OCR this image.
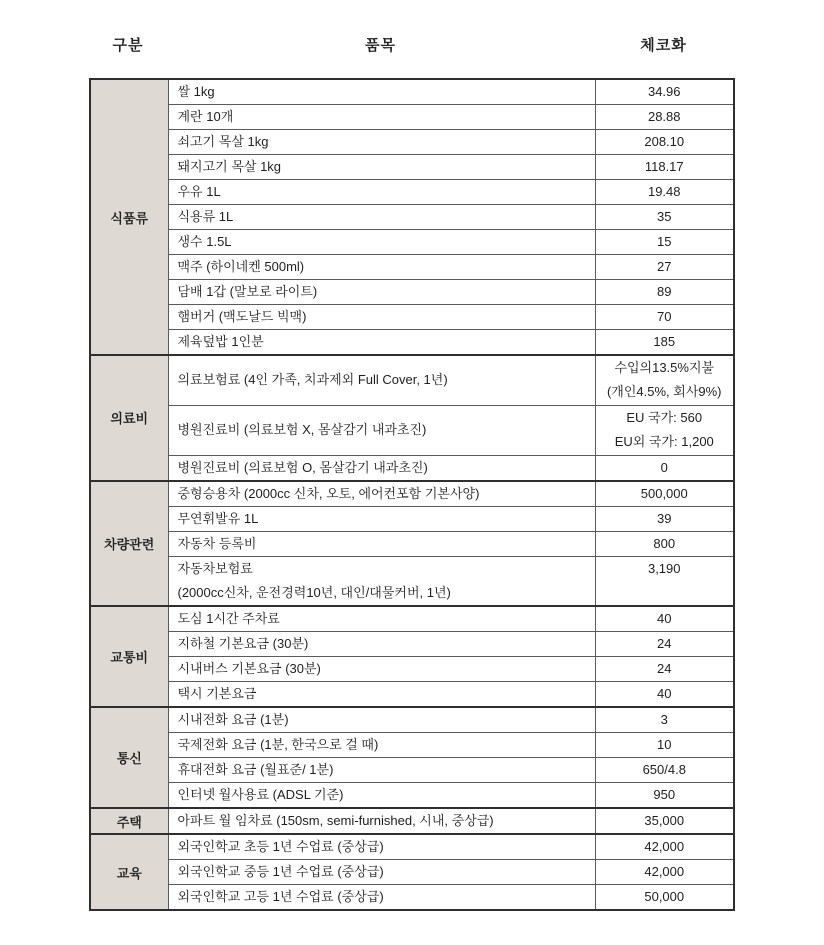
구분	품목	체코화
식품류	쌀 1kg	34.96

	계란 10개	28.88

	쇠고기 목살 1kg	208.10

	돼지고기 목살 1kg	118.17

	우유 1L	19.48

	식용류 1L	35

	생수 1.5L	15

	맥주 (하이네켄 500ml)	27

	담배 1갑 (말보로 라이트)	89

	햄버거 (맥도날드 빅맥)	70

	제육덮밥 1인분	185

의료비	의료보험료 (4인 가족, 치과제외 Full Cover, 1년)	수입의13.5%지불
(개인4.5%, 회사9%)

	병원진료비 (의료보험 X, 몸살감기 내과초진)	EU 국가: 560
EU외 국가: 1,200

	병원진료비 (의료보험 O, 몸살감기 내과초진)	0

차량관련	중형승용차 (2000cc 신차, 오토, 에어컨포함 기본사양)	500,000

	무연휘발유 1L	39

	자동차 등록비	800

	자동차보험료
(2000cc신차, 운전경력10년, 대인/대물커버, 1년)	3,190

교통비	도심 1시간 주차료	40

	지하철 기본요금 (30분)	24

	시내버스 기본요금 (30분)	24

	택시 기본요금	40

통신	시내전화 요금 (1분)	3

	국제전화 요금 (1분, 한국으로 걸 때)	10

	휴대전화 요금 (월표준/ 1분)	650/4.8

	인터넷 월사용료 (ADSL 기준)	950

주택	아파트 월 임차료 (150sm, semi-furnished, 시내, 중상급)	35,000

교육	외국인학교 초등 1년 수업료 (중상급)	42,000

	외국인학교 중등 1년 수업료 (중상급)	42,000

	외국인학교 고등 1년 수업료 (중상급)	50,000
